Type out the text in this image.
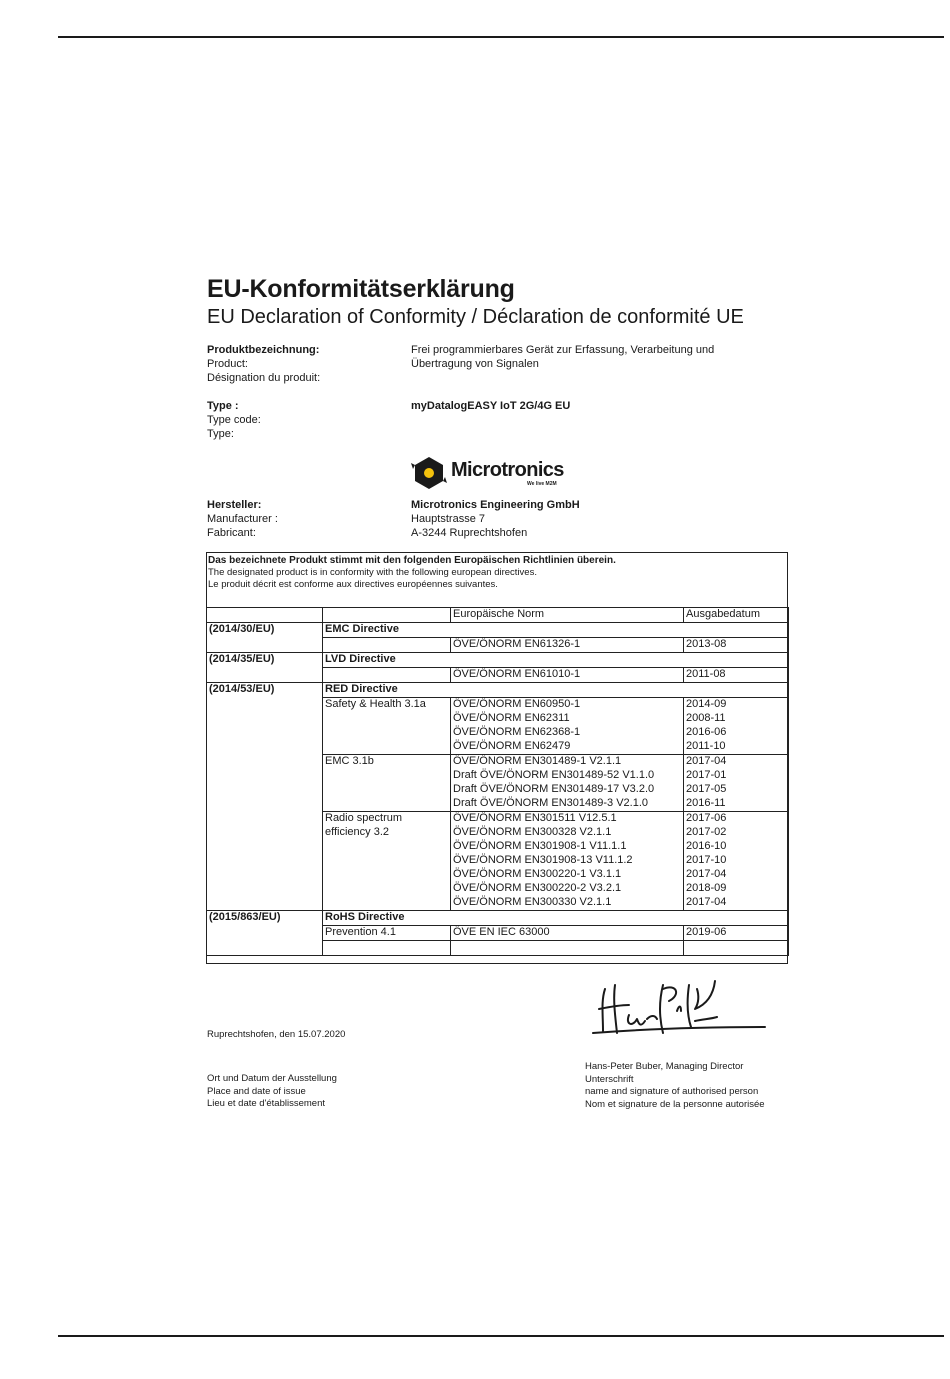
EU-Konformitätserklärung
EU Declaration of Conformity / Déclaration de conformité UE
Produktbezeichnung:
Product:
Désignation du produit:
Frei programmierbares Gerät zur Erfassung, Verarbeitung und
Übertragung von Signalen
Type :
Type code:
Type:
myDatalogEASY IoT 2G/4G EU
Microtronics
We live M2M
Hersteller:
Manufacturer :
Fabricant:
Microtronics Engineering GmbH
Hauptstrasse 7
A-3244 Ruprechtshofen
Das bezeichnete Produkt stimmt mit den folgenden Europäischen Richtlinien überein.
The designated product is in conformity with the following european directives.
Le produit décrit est conforme aux directives européennes suivantes.
		Europäische Norm	Ausgabedatum
(2014/30/EU)	EMC Directive		
		ÖVE/ÖNORM EN61326-1	2013-08
(2014/35/EU)	LVD Directive		
		ÖVE/ÖNORM EN61010-1	2011-08
(2014/53/EU)	RED Directive		
	Safety & Health 3.1a	ÖVE/ÖNORM EN60950-1	2014-09
		ÖVE/ÖNORM EN62311	2008-11
		ÖVE/ÖNORM EN62368-1	2016-06
		ÖVE/ÖNORM EN62479	2011-10
	EMC 3.1b	ÖVE/ÖNORM EN301489-1 V2.1.1	2017-04
		Draft ÖVE/ÖNORM EN301489-52 V1.1.0	2017-01
		Draft ÖVE/ÖNORM EN301489-17 V3.2.0	2017-05
		Draft ÖVE/ÖNORM EN301489-3 V2.1.0	2016-11
	Radio spectrum efficiency 3.2	ÖVE/ÖNORM EN301511 V12.5.1	2017-06
		ÖVE/ÖNORM EN300328 V2.1.1	2017-02
		ÖVE/ÖNORM EN301908-1 V11.1.1	2016-10
		ÖVE/ÖNORM EN301908-13 V11.1.2	2017-10
		ÖVE/ÖNORM EN300220-1 V3.1.1	2017-04
		ÖVE/ÖNORM EN300220-2 V3.2.1	2018-09
		ÖVE/ÖNORM EN300330 V2.1.1	2017-04
(2015/863/EU)	RoHS Directive		
	Prevention 4.1	ÖVE EN IEC 63000	2019-06

Ruprechtshofen, den 15.07.2020
Ort und Datum der Ausstellung
Place and date of issue
Lieu et date d'établissement
Hans-Peter Buber, Managing Director
Unterschrift
name and signature of authorised person
Nom et signature de la personne autorisée
